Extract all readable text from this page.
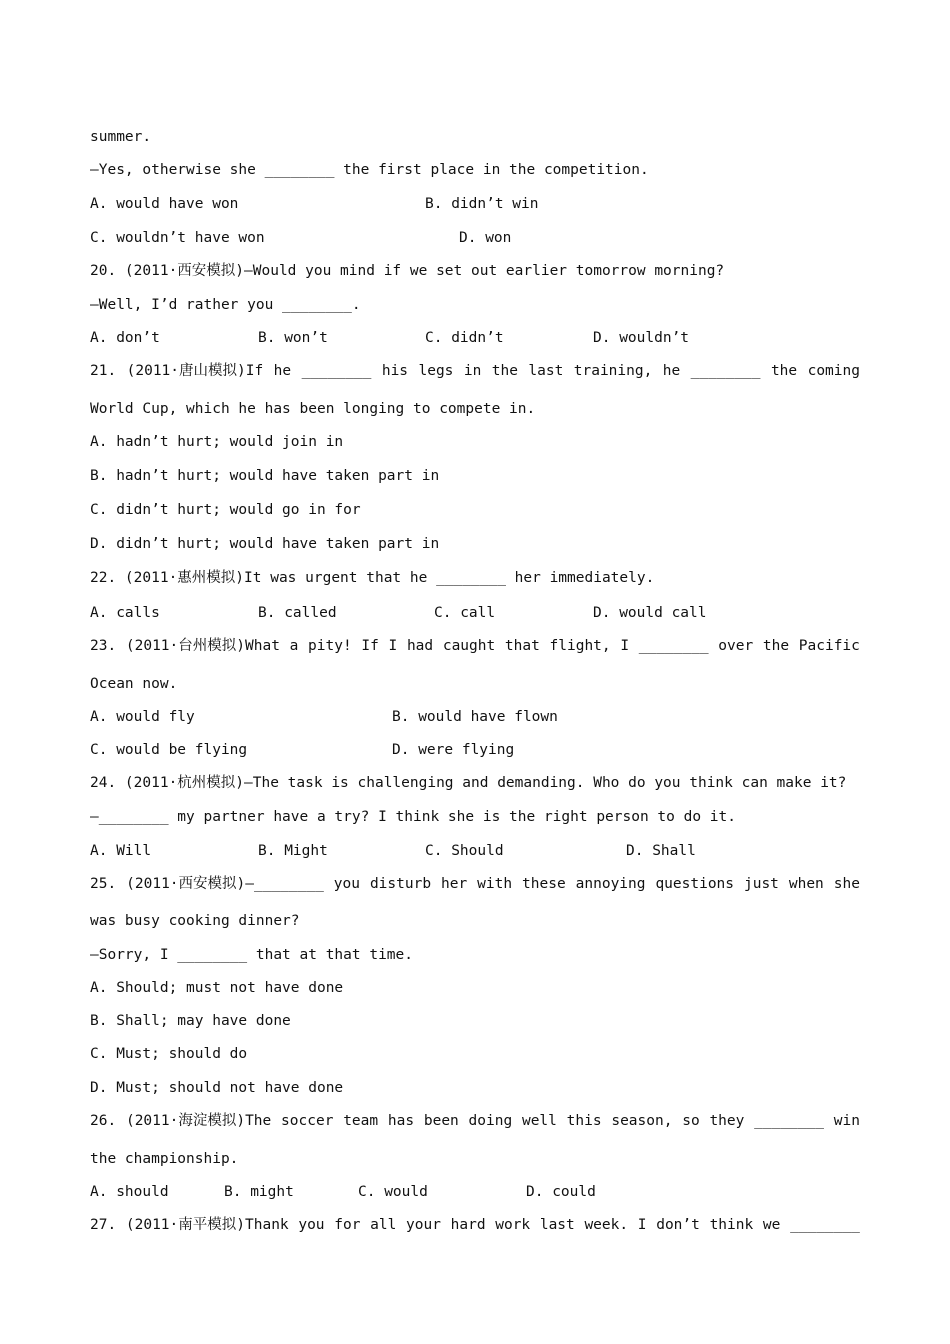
summer.
—Yes, otherwise she ________ the first place in the competition.
A. would have won	B. didn’t win
C. wouldn’t have won	D. won
20. (2011·西安模拟)—Would you mind if we set out earlier tomorrow morning?
—Well, I’d rather you ________.
A. don’t	B. won’t	C. didn’t	D. wouldn’t
21. (2011·唐山模拟)If he ________ his legs in the last training, he ________ the coming
World Cup, which he has been longing to compete in.
A. hadn’t hurt; would join in
B. hadn’t hurt; would have taken part in
C. didn’t hurt; would go in for
D. didn’t hurt; would have taken part in
22. (2011·惠州模拟)It was urgent that he ________ her immediately.
A. calls	B. called	C. call	D. would call
23. (2011·台州模拟)What a pity! If I had caught that flight, I ________ over the Pacific
Ocean now.
A. would fly	B. would have flown
C. would be flying	D. were flying
24. (2011·杭州模拟)—The task is challenging and demanding. Who do you think can make it?
—________ my partner have a try? I think she is the right person to do it.
A. Will	B. Might	C. Should	D. Shall
25. (2011·西安模拟)—________ you disturb her with these annoying questions just when she
was busy cooking dinner?
—Sorry, I ________ that at that time.
A. Should; must not have done
B. Shall; may have done
C. Must; should do
D. Must; should not have done
26. (2011·海淀模拟)The soccer team has been doing well this season, so they ________ win
the championship.
A. should	B. might	C. would	D. could
27. (2011·南平模拟)Thank you for all your hard work last week. I don’t think we ________
